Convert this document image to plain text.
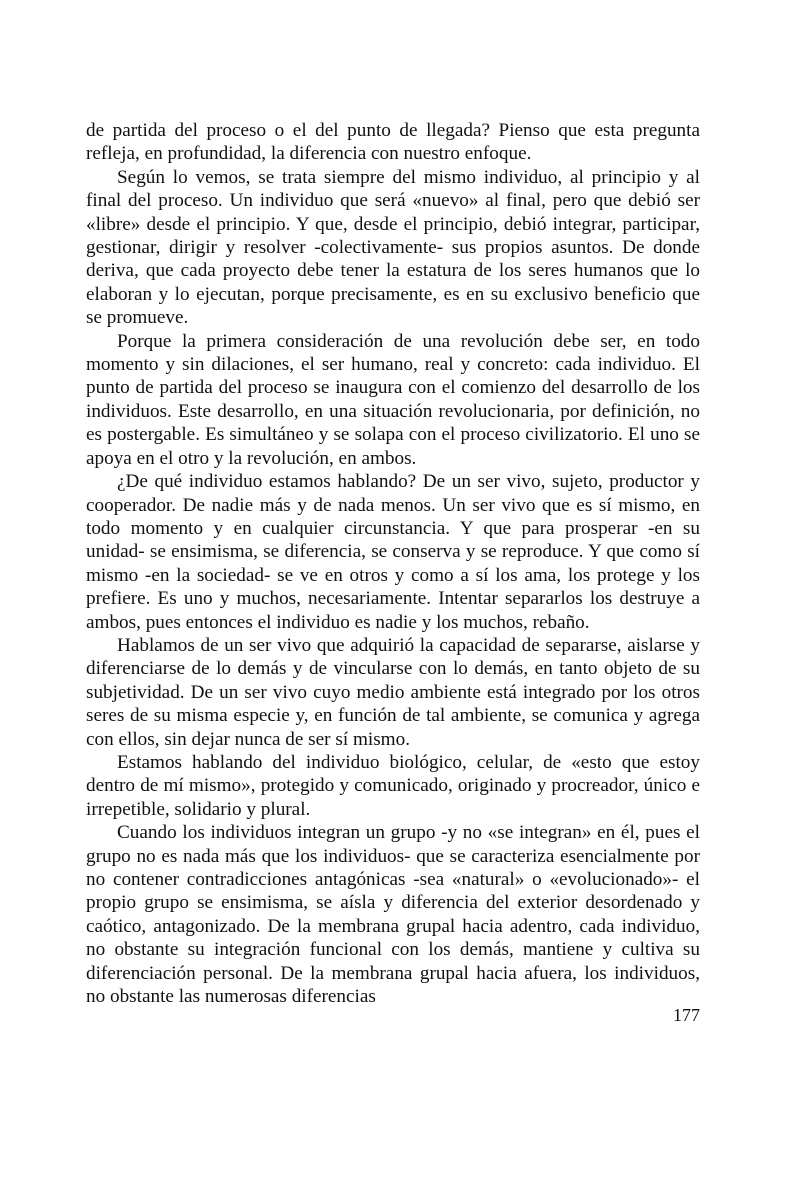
de partida del proceso o el del punto de llegada? Pienso que esta pregunta refleja, en profundidad, la diferencia con nuestro enfoque.

Según lo vemos, se trata siempre del mismo individuo, al principio y al final del proceso. Un individuo que será «nuevo» al final, pero que debió ser «libre» desde el principio. Y que, desde el principio, debió integrar, participar, gestionar, dirigir y resolver -colectivamente- sus propios asuntos. De donde deriva, que cada proyecto debe tener la estatura de los seres humanos que lo elaboran y lo ejecutan, porque precisamente, es en su exclusivo beneficio que se promueve.

Porque la primera consideración de una revolución debe ser, en todo momento y sin dilaciones, el ser humano, real y concreto: cada individuo. El punto de partida del proceso se inaugura con el comienzo del desarrollo de los individuos. Este desarrollo, en una situación revolucionaria, por definición, no es postergable. Es simultáneo y se solapa con el proceso civilizatorio. El uno se apoya en el otro y la revolución, en ambos.

¿De qué individuo estamos hablando? De un ser vivo, sujeto, productor y cooperador. De nadie más y de nada menos. Un ser vivo que es sí mismo, en todo momento y en cualquier circunstancia. Y que para prosperar -en su unidad- se ensimisma, se diferencia, se conserva y se reproduce. Y que como sí mismo -en la sociedad- se ve en otros y como a sí los ama, los protege y los prefiere. Es uno y muchos, necesariamente. Intentar separarlos los destruye a ambos, pues entonces el individuo es nadie y los muchos, rebaño.

Hablamos de un ser vivo que adquirió la capacidad de separarse, aislarse y diferenciarse de lo demás y de vincularse con lo demás, en tanto objeto de su subjetividad. De un ser vivo cuyo medio ambiente está integrado por los otros seres de su misma especie y, en función de tal ambiente, se comunica y agrega con ellos, sin dejar nunca de ser sí mismo.

Estamos hablando del individuo biológico, celular, de «esto que estoy dentro de mí mismo», protegido y comunicado, originado y procreador, único e irrepetible, solidario y plural.

Cuando los individuos integran un grupo -y no «se integran» en él, pues el grupo no es nada más que los individuos- que se caracteriza esencialmente por no contener contradicciones antagónicas -sea «natural» o «evolucionado»- el propio grupo se ensimisma, se aísla y diferencia del exterior desordenado y caótico, antagonizado. De la membrana grupal hacia adentro, cada individuo, no obstante su integración funcional con los demás, mantiene y cultiva su diferenciación personal. De la membrana grupal hacia afuera, los individuos, no obstante las numerosas diferencias

177
